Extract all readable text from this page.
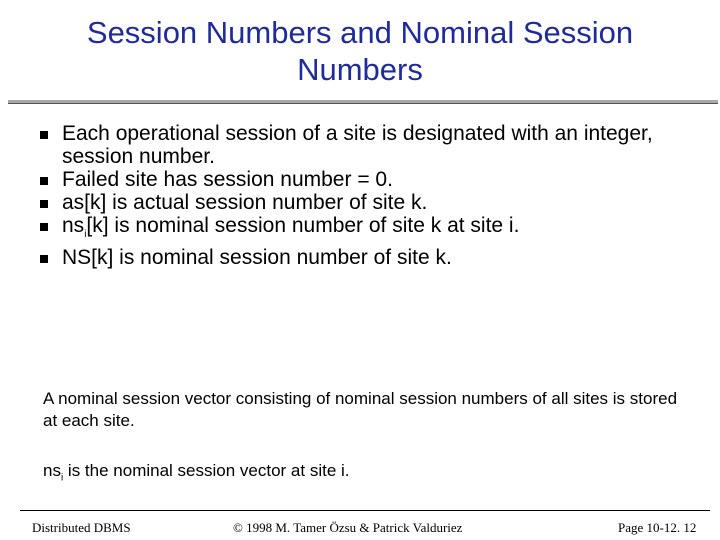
Session Numbers and Nominal Session Numbers
Each operational session of a site is designated with an integer, session number.
Failed site has session number = 0.
as[k] is actual session number of site k.
$ns_i[k]$ is nominal session number of site k at site i.
NS[k] is nominal session number of site k.
A nominal session vector consisting of nominal session numbers of all sites is stored at each site.
$ns_i$ is the nominal session vector at site i.
Distributed DBMS	© 1998 M. Tamer Özsu & Patrick Valduriez	Page 10-12. 12
